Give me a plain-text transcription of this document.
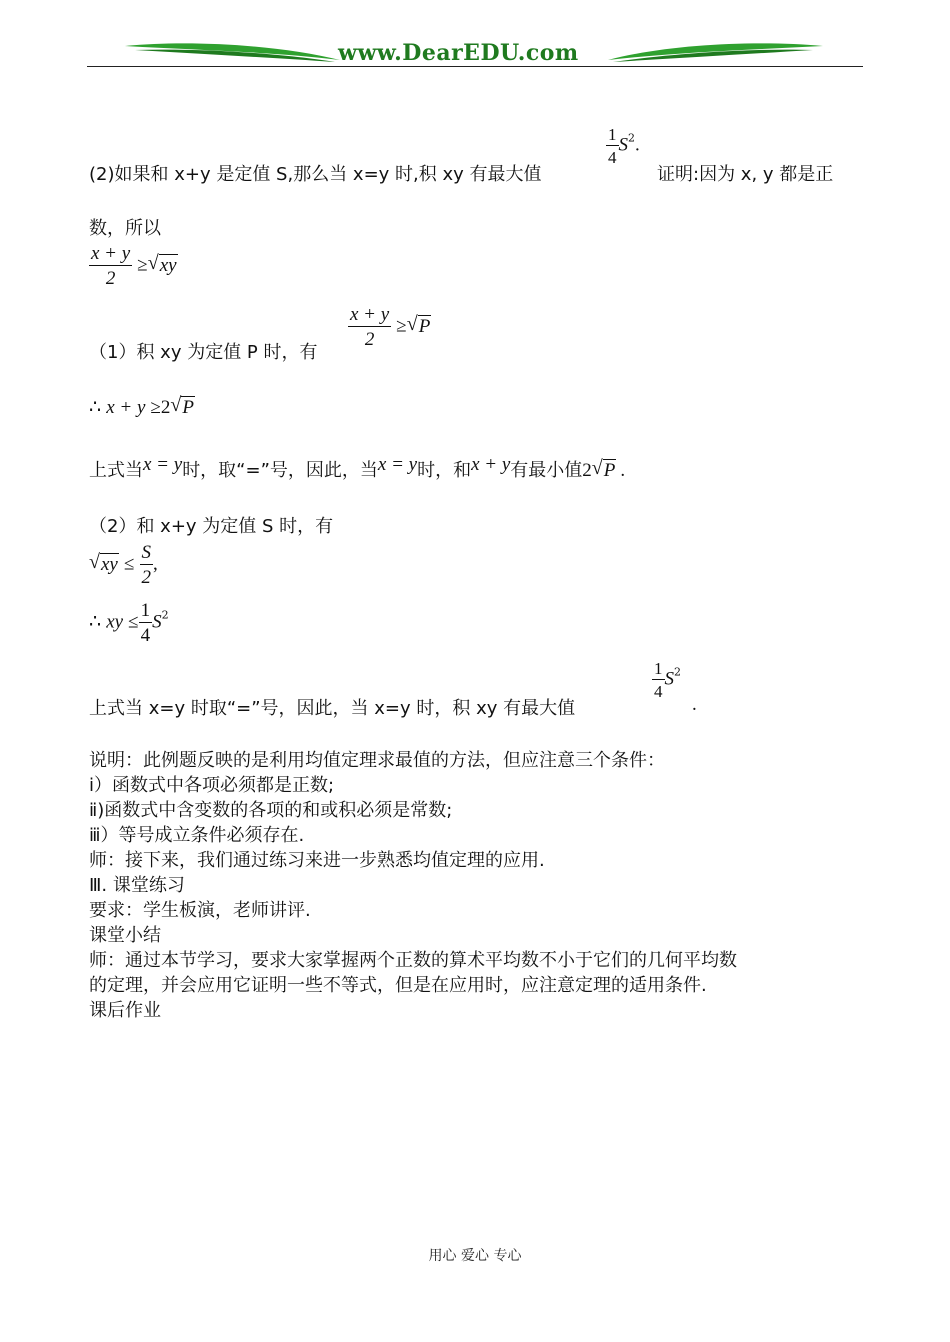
www.DearEDU.com
(2)如果和 x+y 是定值 S,那么当 x=y 时,积 xy 有最大值
$\frac{1}{4} S^2$.
证明:因为 x, y 都是正
数，所以
$\frac{x + y}{2}$ ≥ √ xy
（1）积 xy 为定值 P 时，有
$\frac{x + y}{2}$ ≥ √ P
∴ x + y ≥2 √ P
上式当x = y时，取“=”号，因此，当x = y时，和x + y有最小值2 √ P .
（2）和 x+y 为定值 S 时，有
√ xy ≤ $\frac{S}{2}$ ,
∴ xy ≤ $\frac{1}{4} S^2$
上式当 x=y 时取“=”号，因此，当 x=y 时，积 xy 有最大值
$\frac{1}{4} S^2$
.
说明：此例题反映的是利用均值定理求最值的方法，但应注意三个条件：
ⅰ）函数式中各项必须都是正数;
ⅱ)函数式中含变数的各项的和或积必须是常数;
ⅲ）等号成立条件必须存在.
师：接下来，我们通过练习来进一步熟悉均值定理的应用.
Ⅲ. 课堂练习
要求：学生板演，老师讲评.
课堂小结
师：通过本节学习，要求大家掌握两个正数的算术平均数不小于它们的几何平均数
的定理，并会应用它证明一些不等式，但是在应用时，应注意定理的适用条件.
课后作业
用心 爱心 专心
